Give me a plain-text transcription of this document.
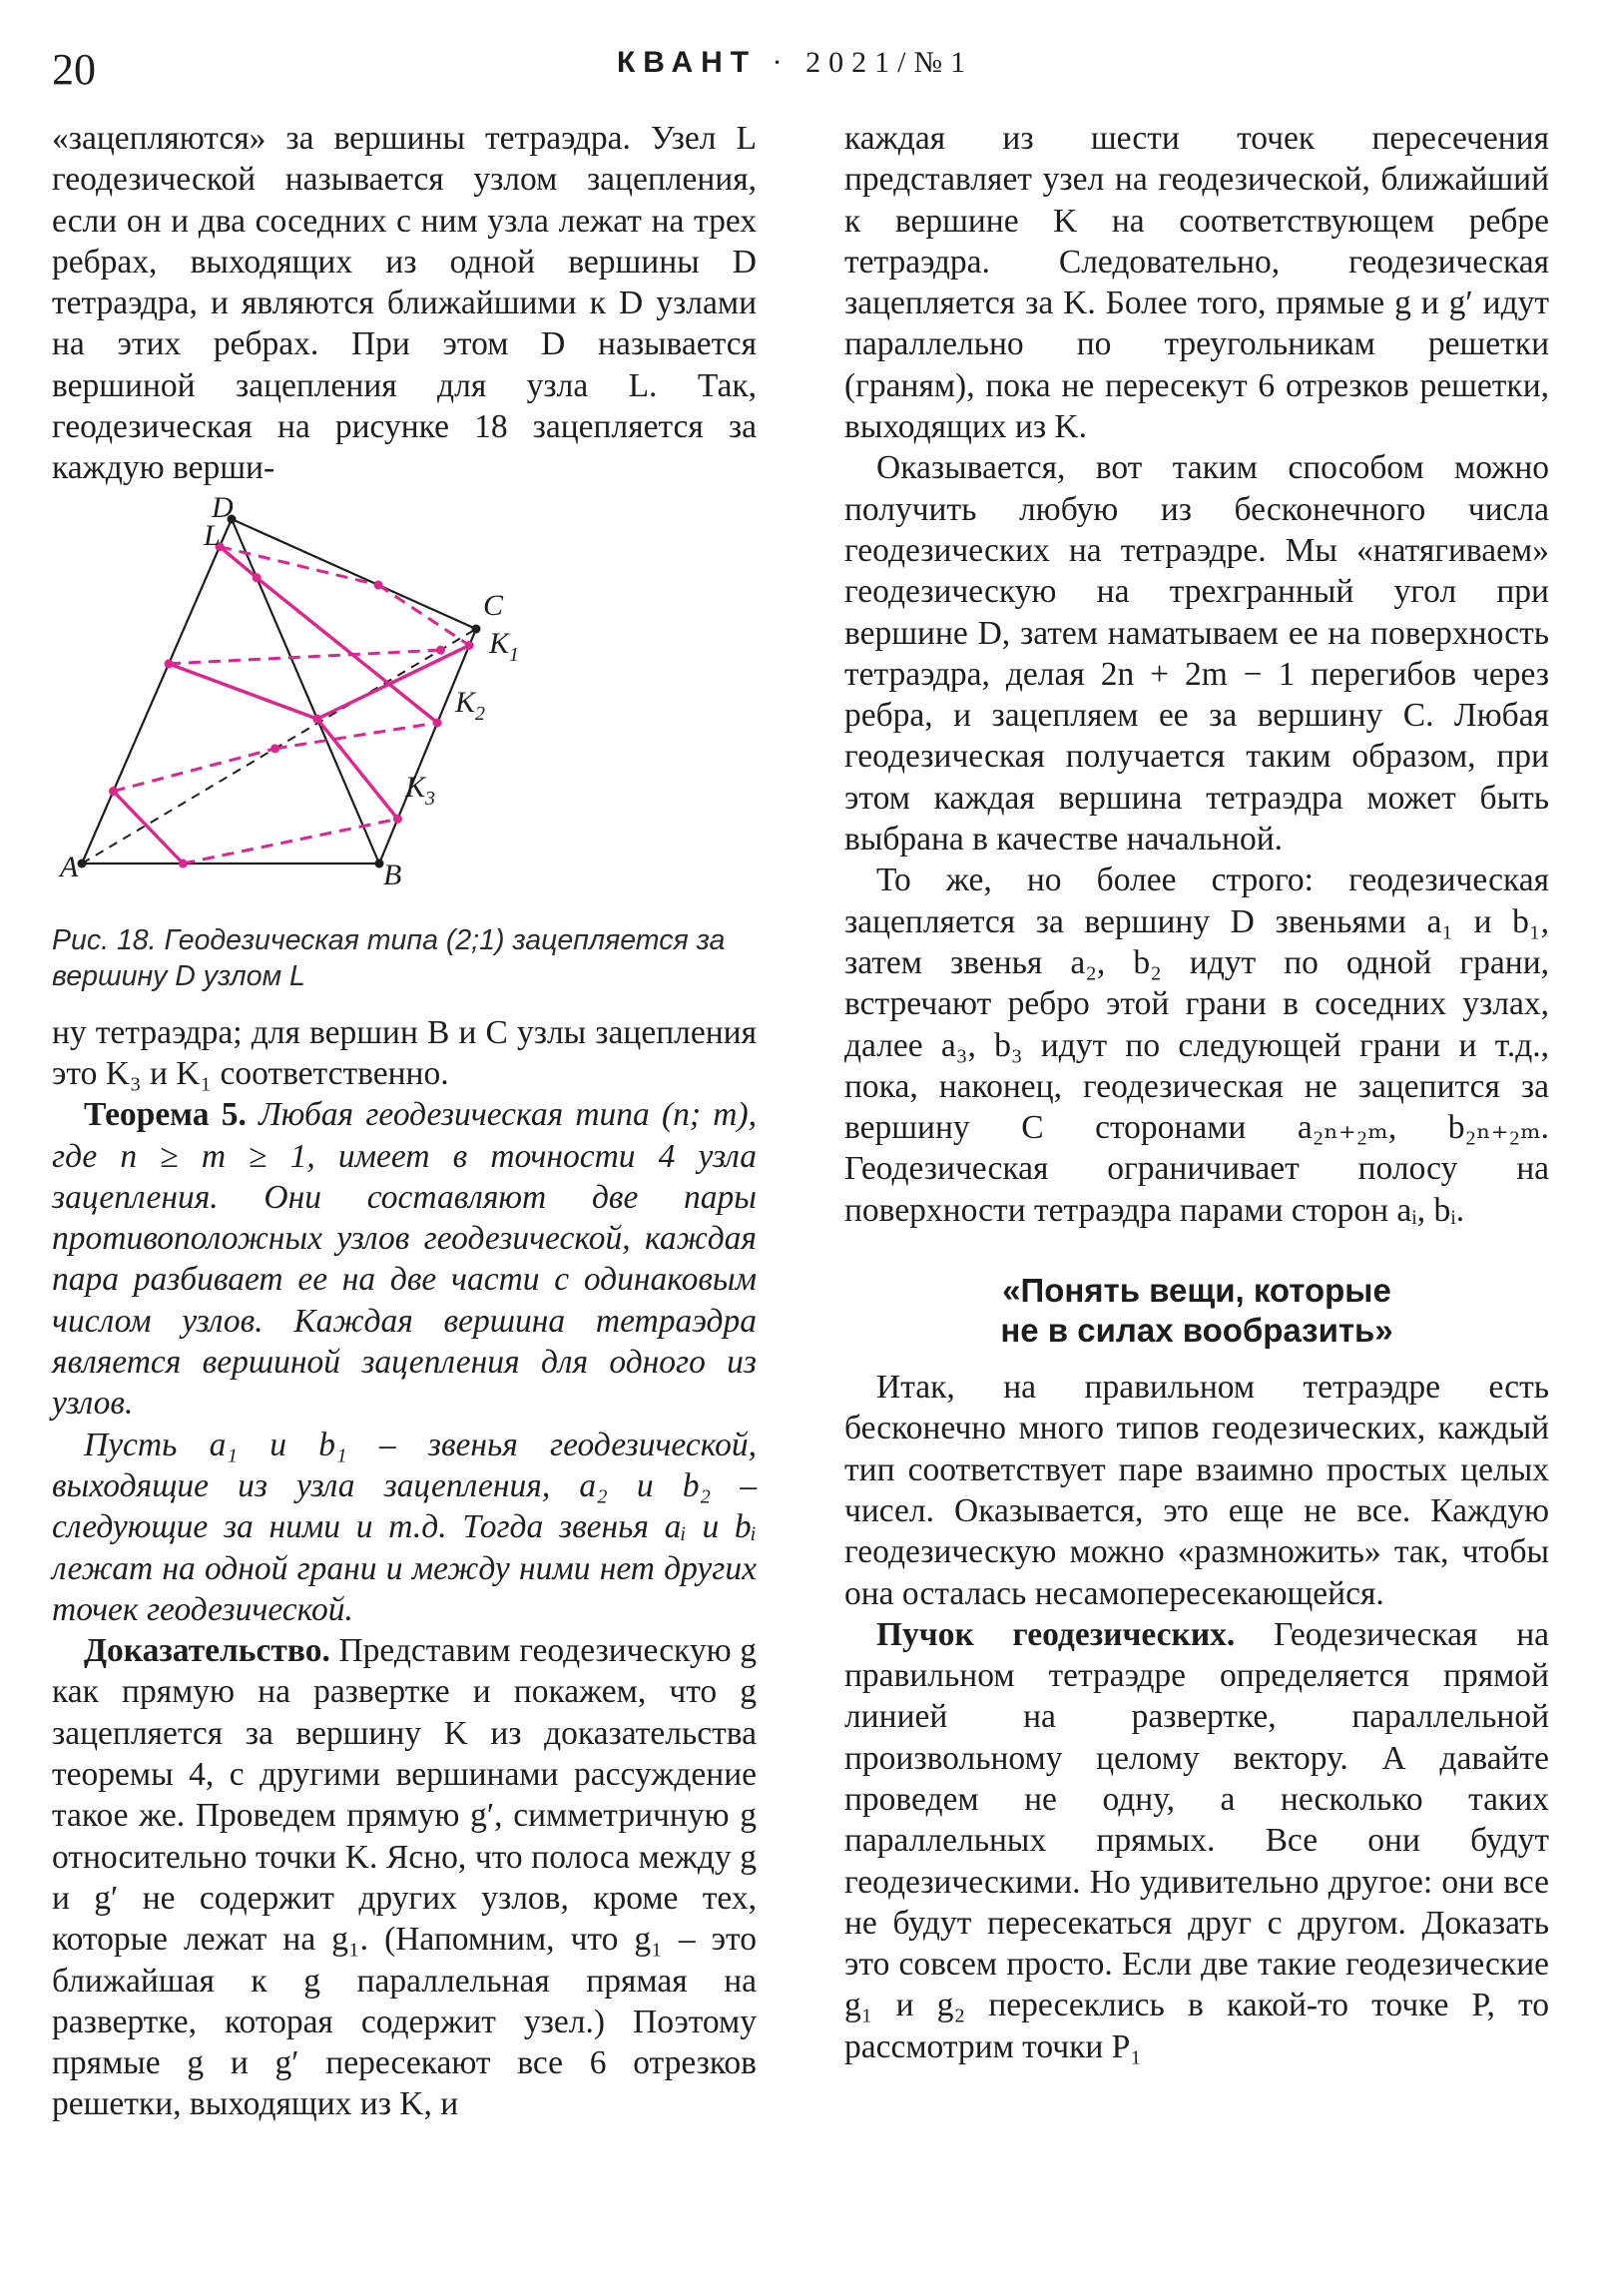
20	КВАНТ · 2021/№1

«зацепляются» за вершины тетраэдра. Узел L геодезической называется узлом зацепления, если он и два соседних с ним узла лежат на трех ребрах, выходящих из одной вершины D тетраэдра, и являются ближайшими к D узлами на этих ребрах. При этом D называется вершиной зацепления для узла L. Так, геодезическая на рисунке 18 зацепляется за каждую верши-

D
L
C
A	B
$K_1$
$K_2$
$K_3$
Рис. 18. Геодезическая типа (2;1) зацепляется за вершину D узлом L

ну тетраэдра; для вершин B и C узлы зацепления это K₃ и K₁ соответственно.

Теорема 5. Любая геодезическая типа (n; m), где n ≥ m ≥ 1, имеет в точности 4 узла зацепления. Они составляют две пары противоположных узлов геодезической, каждая пара разбивает ее на две части с одинаковым числом узлов. Каждая вершина тетраэдра является вершиной зацепления для одного из узлов.

Пусть a₁ и b₁ – звенья геодезической, выходящие из узла зацепления, a₂ и b₂ – следующие за ними и т.д. Тогда звенья aᵢ и bᵢ лежат на одной грани и между ними нет других точек геодезической.

Доказательство. Представим геодезическую g как прямую на развертке и покажем, что g зацепляется за вершину K из доказательства теоремы 4, с другими вершинами рассуждение такое же. Проведем прямую g′, симметричную g относительно точки K. Ясно, что полоса между g и g′ не содержит других узлов, кроме тех, которые лежат на g₁. (Напомним, что g₁ – это ближайшая к g параллельная прямая на развертке, которая содержит узел.) Поэтому прямые g и g′ пересекают все 6 отрезков решетки, выходящих из K, и

каждая из шести точек пересечения представляет узел на геодезической, ближайший к вершине K на соответствующем ребре тетраэдра. Следовательно, геодезическая зацепляется за K. Более того, прямые g и g′ идут параллельно по треугольникам решетки (граням), пока не пересекут 6 отрезков решетки, выходящих из K.

Оказывается, вот таким способом можно получить любую из бесконечного числа геодезических на тетраэдре. Мы «натягиваем» геодезическую на трехгранный угол при вершине D, затем наматываем ее на поверхность тетраэдра, делая 2n + 2m − 1 перегибов через ребра, и зацепляем ее за вершину C. Любая геодезическая получается таким образом, при этом каждая вершина тетраэдра может быть выбрана в качестве начальной.

То же, но более строго: геодезическая зацепляется за вершину D звеньями a₁ и b₁, затем звенья a₂, b₂ идут по одной грани, встречают ребро этой грани в соседних узлах, далее a₃, b₃ идут по следующей грани и т.д., пока, наконец, геодезическая не зацепится за вершину C сторонами a₂ₙ₊₂ₘ, b₂ₙ₊₂ₘ. Геодезическая ограничивает полосу на поверхности тетраэдра парами сторон aᵢ, bᵢ.

«Понять вещи, которые
не в силах вообразить»

Итак, на правильном тетраэдре есть бесконечно много типов геодезических, каждый тип соответствует паре взаимно простых целых чисел. Оказывается, это еще не все. Каждую геодезическую можно «размножить» так, чтобы она осталась несамопересекающейся.

Пучок геодезических. Геодезическая на правильном тетраэдре определяется прямой линией на развертке, параллельной произвольному целому вектору. А давайте проведем не одну, а несколько таких параллельных прямых. Все они будут геодезическими. Но удивительно другое: они все не будут пересекаться друг с другом. Доказать это совсем просто. Если две такие геодезические g₁ и g₂ пересеклись в какой-то точке P, то рассмотрим точки P₁
